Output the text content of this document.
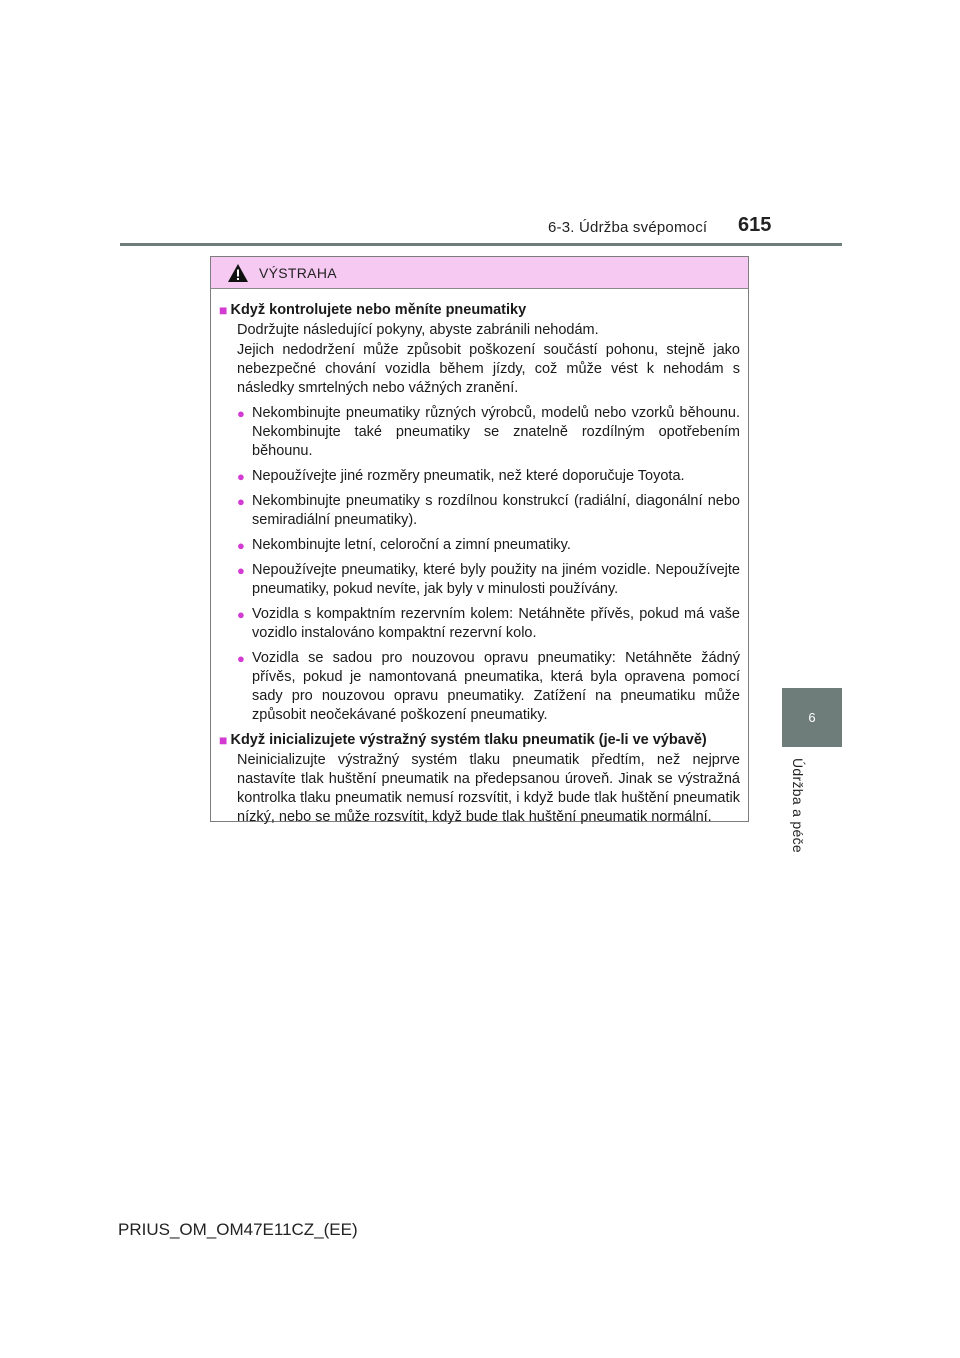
6-3. Údržba svépomocí 615
6
Údržba a péče
VÝSTRAHA
■ Když kontrolujete nebo měníte pneumatiky
Dodržujte následující pokyny, abyste zabránili nehodám.
Jejich nedodržení může způsobit poškození součástí pohonu, stejně jako nebezpečné chování vozidla během jízdy, což může vést k nehodám s následky smrtelných nebo vážných zranění.
● Nekombinujte pneumatiky různých výrobců, modelů nebo vzorků běhounu. Nekombinujte také pneumatiky se znatelně rozdílným opotřebením běhounu.
● Nepoužívejte jiné rozměry pneumatik, než které doporučuje Toyota.
● Nekombinujte pneumatiky s rozdílnou konstrukcí (radiální, diagonální nebo semiradiální pneumatiky).
● Nekombinujte letní, celoroční a zimní pneumatiky.
● Nepoužívejte pneumatiky, které byly použity na jiném vozidle. Nepoužívejte pneumatiky, pokud nevíte, jak byly v minulosti používány.
● Vozidla s kompaktním rezervním kolem: Netáhněte přívěs, pokud má vaše vozidlo instalováno kompaktní rezervní kolo.
● Vozidla se sadou pro nouzovou opravu pneumatiky: Netáhněte žádný přívěs, pokud je namontovaná pneumatika, která byla opravena pomocí sady pro nouzovou opravu pneumatiky. Zatížení na pneumatiku může způsobit neočekávané poškození pneumatiky.
■ Když inicializujete výstražný systém tlaku pneumatik (je-li ve výbavě)
Neinicializujte výstražný systém tlaku pneumatik předtím, než nejprve nastavíte tlak huštění pneumatik na předepsanou úroveň. Jinak se výstražná kontrolka tlaku pneumatik nemusí rozsvítit, i když bude tlak huštění pneumatik nízký, nebo se může rozsvítit, když bude tlak huštění pneumatik normální.
PRIUS_OM_OM47E11CZ_(EE)
